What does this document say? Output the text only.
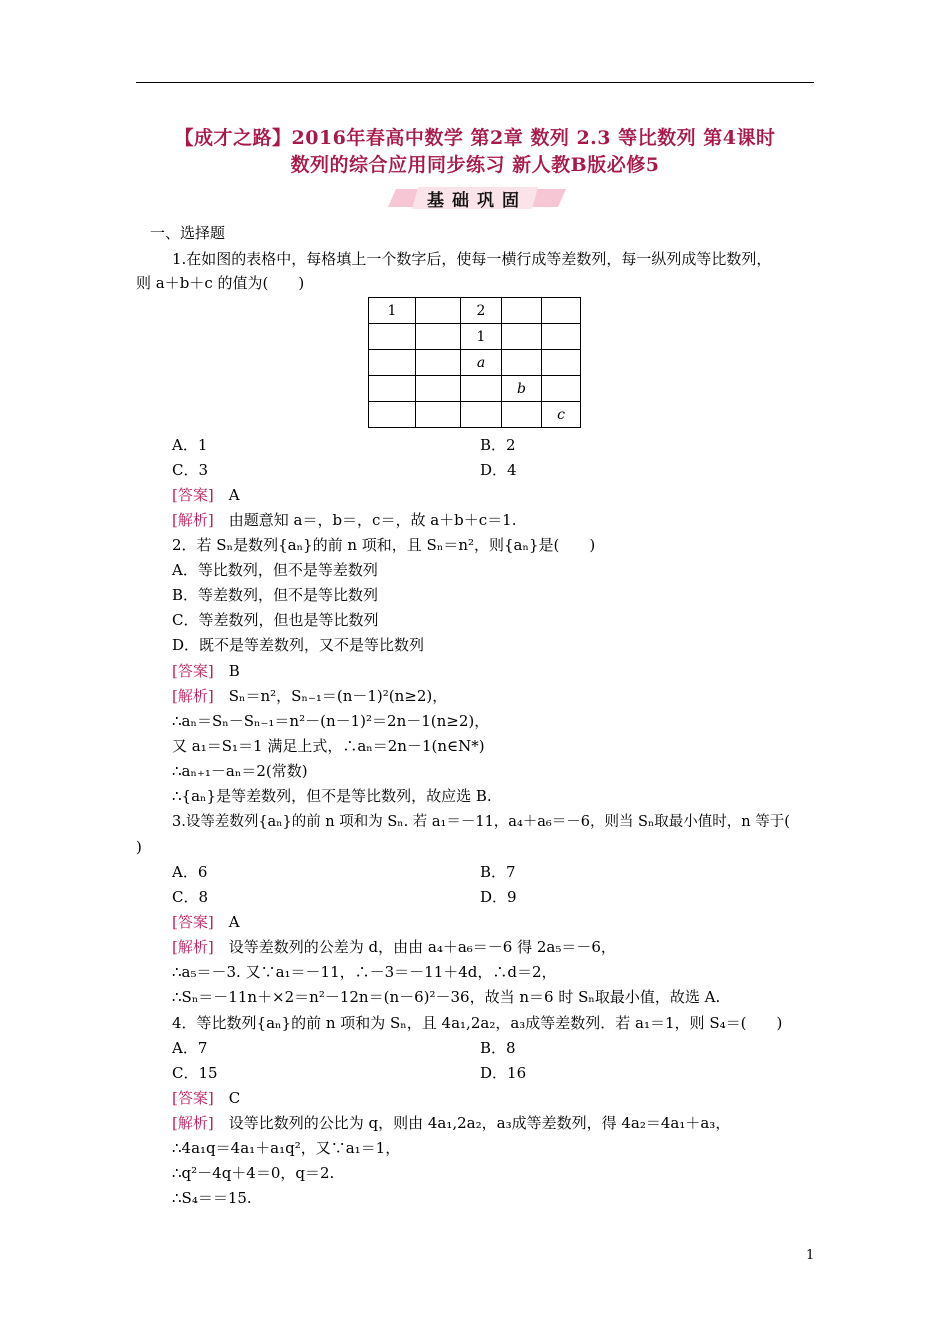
【成才之路】2016年春高中数学 第2章 数列 2.3 等比数列 第4课时
数列的综合应用同步练习 新人教B版必修5
基础巩固
一、选择题
1.在如图的表格中，每格填上一个数字后，使每一横行成等差数列，每一纵列成等比数列，
则 a＋b＋c 的值为(　　)
1		2		
		1		
		a		
			b	
				c
A．1	B．2
C．3	D．4
[答案]　 A
[解析]　 由题意知 a＝，b＝，c＝，故 a＋b＋c＝1.
2．若 Sₙ是数列{aₙ}的前 n 项和，且 Sₙ＝n²，则{aₙ}是(　　)
A．等比数列，但不是等差数列
B．等差数列，但不是等比数列
C．等差数列，但也是等比数列
D．既不是等差数列，又不是等比数列
[答案]　 B
[解析]　 Sₙ＝n²，Sₙ₋₁＝(n－1)²(n≥2)，
∴aₙ＝Sₙ－Sₙ₋₁＝n²－(n－1)²＝2n－1(n≥2)，
又 a₁＝S₁＝1 满足上式，∴aₙ＝2n－1(n∈N*)
∴aₙ₊₁－aₙ＝2(常数)
∴{aₙ}是等差数列，但不是等比数列，故应选 B.
3.设等差数列{aₙ}的前 n 项和为 Sₙ. 若 a₁＝－11，a₄＋a₆＝－6，则当 Sₙ取最小值时，n 等于(
)
A．6	B．7
C．8	D．9
[答案]　 A
[解析]　 设等差数列的公差为 d，由由 a₄＋a₆＝－6 得 2a₅＝－6，
∴a₅＝－3. 又∵a₁＝－11，∴－3＝－11＋4d，∴d＝2，
∴Sₙ＝－11n＋×2＝n²－12n＝(n－6)²－36，故当 n＝6 时 Sₙ取最小值，故选 A.
4．等比数列{aₙ}的前 n 项和为 Sₙ，且 4a₁,2a₂，a₃成等差数列．若 a₁＝1，则 S₄＝(　　)
A．7	B．8
C．15	D．16
[答案]　 C
[解析]　 设等比数列的公比为 q，则由 4a₁,2a₂，a₃成等差数列，得 4a₂＝4a₁＋a₃，
∴4a₁q＝4a₁＋a₁q²，又∵a₁＝1，
∴q²－4q＋4＝0，q＝2.
∴S₄＝＝15.
1
